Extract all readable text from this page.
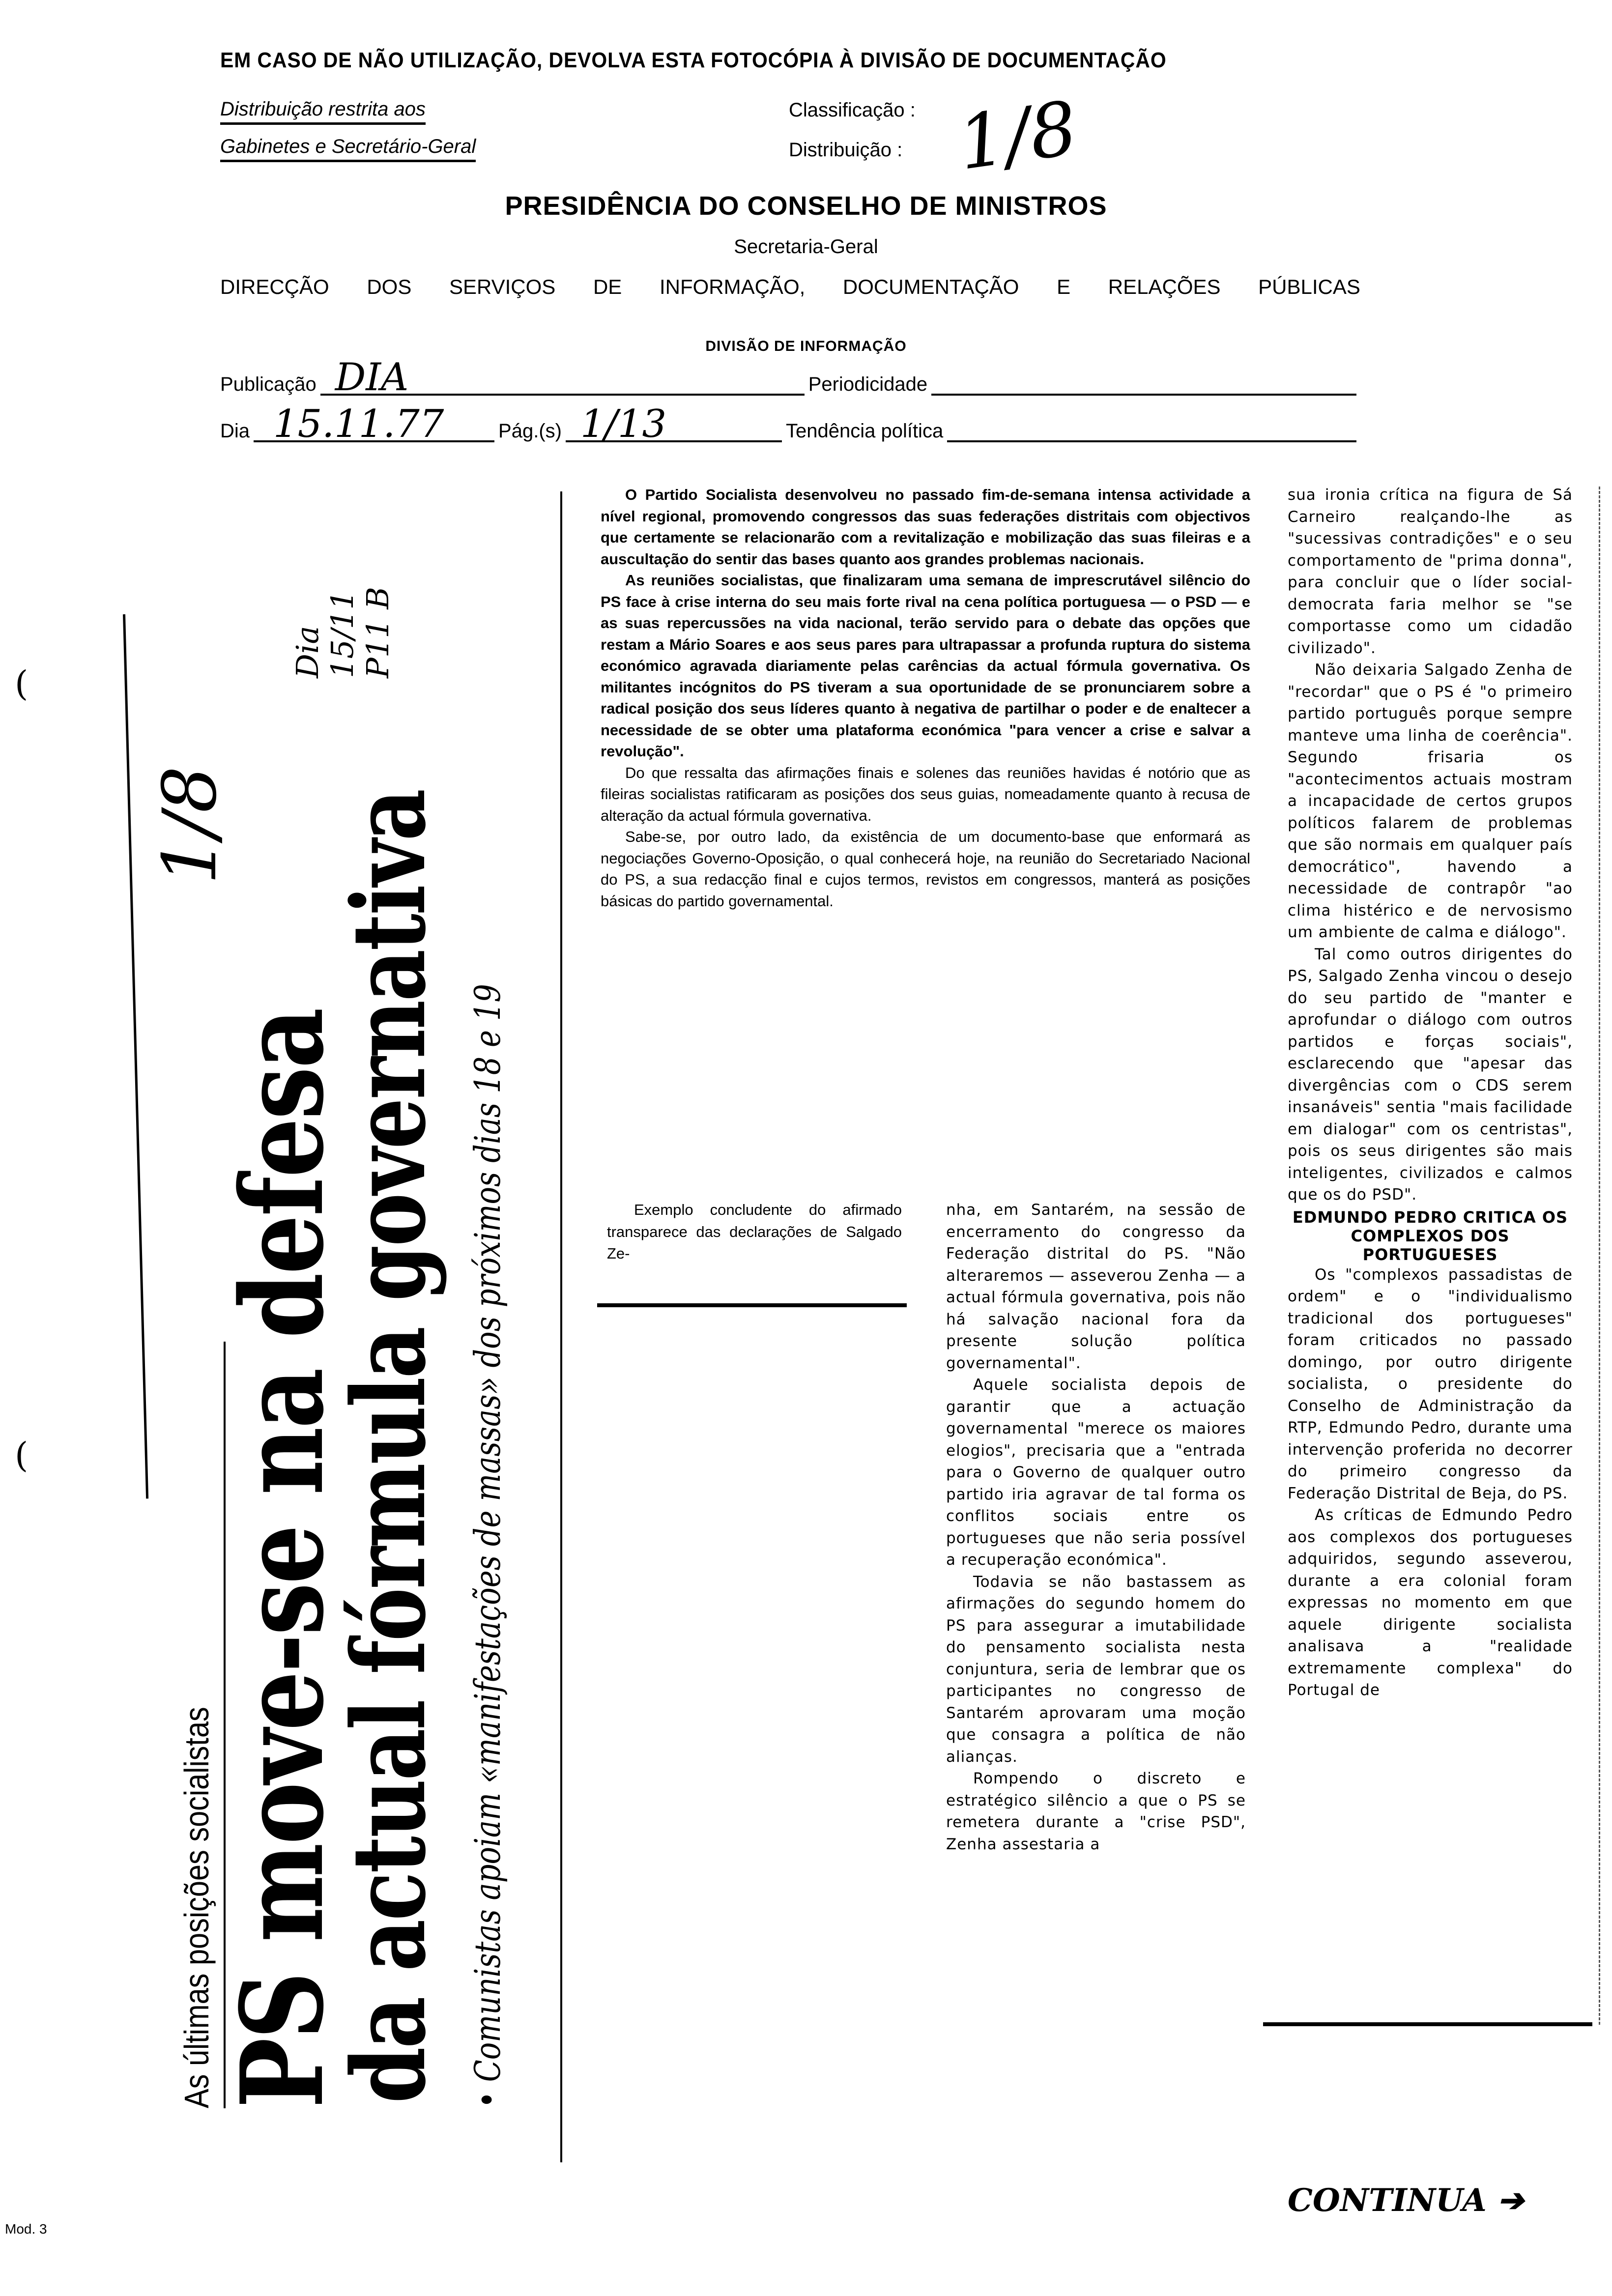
EM CASO DE NÃO UTILIZAÇÃO, DEVOLVA ESTA FOTOCÓPIA À DIVISÃO DE DOCUMENTAÇÃO
Distribuição restrita aos
Gabinetes e Secretário-Geral
Classificação :
Distribuição : 1/8
PRESIDÊNCIA DO CONSELHO DE MINISTROS
Secretaria-Geral
DIRECÇÃO DOS SERVIÇOS DE INFORMAÇÃO, DOCUMENTAÇÃO E RELAÇÕES PÚBLICAS
DIVISÃO DE INFORMAÇÃO
Publicação DIA	Periodicidade
Dia 15.11.77	Pág.(s) 1/13	Tendência política
As últimas posições socialistas PS move-se na defesa
da actual fórmula governativa • Comunistas apoiam «manifestações de massas» dos próximos dias 18 e 19

O Partido Socialista desenvolveu no passado fim-de-semana intensa actividade a nível regional, promovendo congressos das suas federações distritais com objectivos que certamente se relacionarão com a revitalização e mobilização das suas fileiras e a auscultação do sentir das bases quanto aos grandes problemas nacionais.

As reuniões socialistas, que finalizaram uma semana de imprescrutável silêncio do PS face à crise interna do seu mais forte rival na cena política portuguesa — o PSD — e as suas repercussões na vida nacional, terão servido para o debate das opções que restam a Mário Soares e aos seus pares para ultrapassar a profunda ruptura do sistema económico agravada diariamente pelas carências da actual fórmula governativa. Os militantes incógnitos do PS tiveram a sua oportunidade de se pronunciarem sobre a radical posição dos seus líderes quanto à negativa de partilhar o poder e de enaltecer a necessidade de se obter uma plataforma económica "para vencer a crise e salvar a revolução".

Do que ressalta das afirmações finais e solenes das reuniões havidas é notório que as fileiras socialistas ratificaram as posições dos seus guias, nomeadamente quanto à recusa de alteração da actual fórmula governativa.

Sabe-se, por outro lado, da existência de um documento-base que enformará as negociações Governo-Oposição, o qual conhecerá hoje, na reunião do Secretariado Nacional do PS, a sua redacção final e cujos termos, revistos em congressos, manterá as posições básicas do partido governamental.

Exemplo concludente do afirmado transparece das declarações de Salgado Ze-

nha, em Santarém, na sessão de encerramento do congresso da Federação distrital do PS. "Não alteraremos — asseverou Zenha — a actual fórmula governativa, pois não há salvação nacional fora da presente solução política governamental".

Aquele socialista depois de garantir que a actuação governamental "merece os maiores elogios", precisaria que a "entrada para o Governo de qualquer outro partido iria agravar de tal forma os conflitos sociais entre os portugueses que não seria possível a recuperação económica".

Todavia se não bastassem as afirmações do segundo homem do PS para assegurar a imutabilidade do pensamento socialista nesta conjuntura, seria de lembrar que os participantes no congresso de Santarém aprovaram uma moção que consagra a política de não alianças.

Rompendo o discreto e estratégico silêncio a que o PS se remetera durante a "crise PSD", Zenha assestaria a

sua ironia crítica na figura de Sá Carneiro realçando-lhe as "sucessivas contradições" e o seu comportamento de "prima donna", para concluir que o líder social-democrata faria melhor se "se comportasse como um cidadão civilizado".

Não deixaria Salgado Zenha de "recordar" que o PS é "o primeiro partido português porque sempre manteve uma linha de coerência". Segundo frisaria os "acontecimentos actuais mostram a incapacidade de certos grupos políticos falarem de problemas que são normais em qualquer país democrático", havendo a necessidade de contrapôr "ao clima histérico e de nervosismo um ambiente de calma e diálogo".

Tal como outros dirigentes do PS, Salgado Zenha vincou o desejo do seu partido de "manter e aprofundar o diálogo com outros partidos e forças sociais", esclarecendo que "apesar das divergências com o CDS serem insanáveis" sentia "mais facilidade em dialogar" com os centristas", pois os seus dirigentes são mais inteligentes, civilizados e calmos que os do PSD".

EDMUNDO PEDRO CRITICA OS COMPLEXOS DOS PORTUGUESES

Os "complexos passadistas de ordem" e o "individualismo tradicional dos portugueses" foram criticados no passado domingo, por outro dirigente socialista, o presidente do Conselho de Administração da RTP, Edmundo Pedro, durante uma intervenção proferida no decorrer do primeiro congresso da Federação Distrital de Beja, do PS.

As críticas de Edmundo Pedro aos complexos dos portugueses adquiridos, segundo asseverou, durante a era colonial foram expressas no momento em que aquele dirigente socialista analisava a "realidade extremamente complexa" do Portugal de

1/8
Dia
15/11
P11 B
(
(
Mod. 3
CONTINUA ➔
